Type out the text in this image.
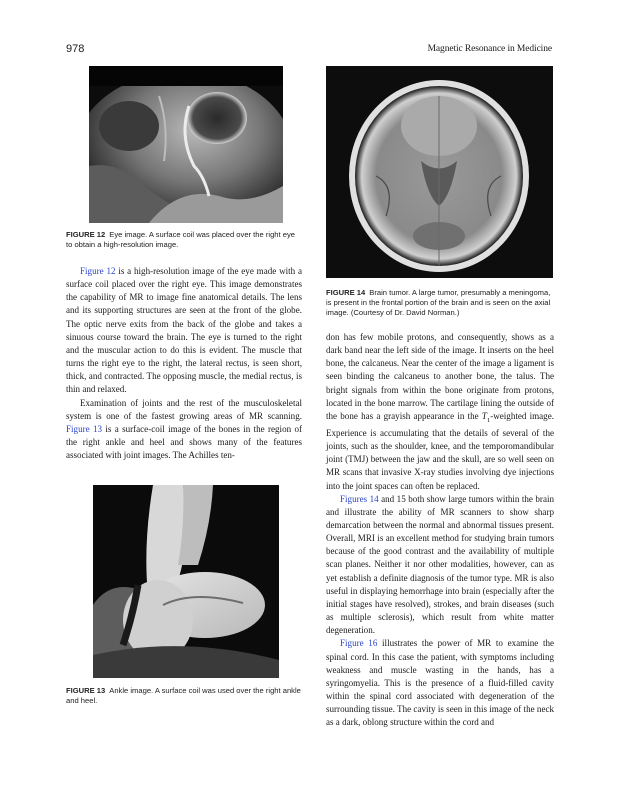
978	Magnetic Resonance in Medicine
FIGURE 12 Eye image. A surface coil was placed over the right eye to obtain a high-resolution image.
FIGURE 14 Brain tumor. A large tumor, presumably a meningoma, is present in the frontal portion of the brain and is seen on the axial image. (Courtesy of Dr. David Norman.)
FIGURE 13 Ankle image. A surface coil was used over the right ankle and heel.

Figure 12 is a high-resolution image of the eye made with a surface coil placed over the right eye. This image demonstrates the capability of MR to image fine anatomical details. The lens and its supporting structures are seen at the front of the globe. The optic nerve exits from the back of the globe and takes a sinuous course toward the brain. The eye is turned to the right and the muscular action to do this is evident. The muscle that turns the right eye to the right, the lateral rectus, is seen short, thick, and contracted. The opposing muscle, the medial rectus, is thin and relaxed.

Examination of joints and the rest of the musculoskeletal system is one of the fastest growing areas of MR scanning. Figure 13 is a surface-coil image of the bones in the region of the right ankle and heel and shows many of the features associated with joint images. The Achilles ten-

don has few mobile protons, and consequently, shows as a dark band near the left side of the image. It inserts on the heel bone, the calcaneus. Near the center of the image a ligament is seen binding the calcaneus to another bone, the talus. The bright signals from within the bone originate from protons, located in the bone marrow. The cartilage lining the outside of the bone has a grayish appearance in the $T_1$-weighted image. Experience is accumulating that the details of several of the joints, such as the shoulder, knee, and the temporomandibular joint (TMJ) between the jaw and the skull, are so well seen on MR scans that invasive X-ray studies involving dye injections into the joint spaces can often be replaced.

Figures 14 and 15 both show large tumors within the brain and illustrate the ability of MR scanners to show sharp demarcation between the normal and abnormal tissues present. Overall, MRI is an excellent method for studying brain tumors because of the good contrast and the availability of multiple scan planes. Neither it nor other modalities, however, can as yet establish a definite diagnosis of the tumor type. MR is also useful in displaying hemorrhage into brain (especially after the initial stages have resolved), strokes, and brain diseases (such as multiple sclerosis), which result from white matter degeneration.

Figure 16 illustrates the power of MR to examine the spinal cord. In this case the patient, with symptoms including weakness and muscle wasting in the hands, has a syringomyelia. This is the presence of a fluid-filled cavity within the spinal cord associated with degeneration of the surrounding tissue. The cavity is seen in this image of the neck as a dark, oblong structure within the cord and
